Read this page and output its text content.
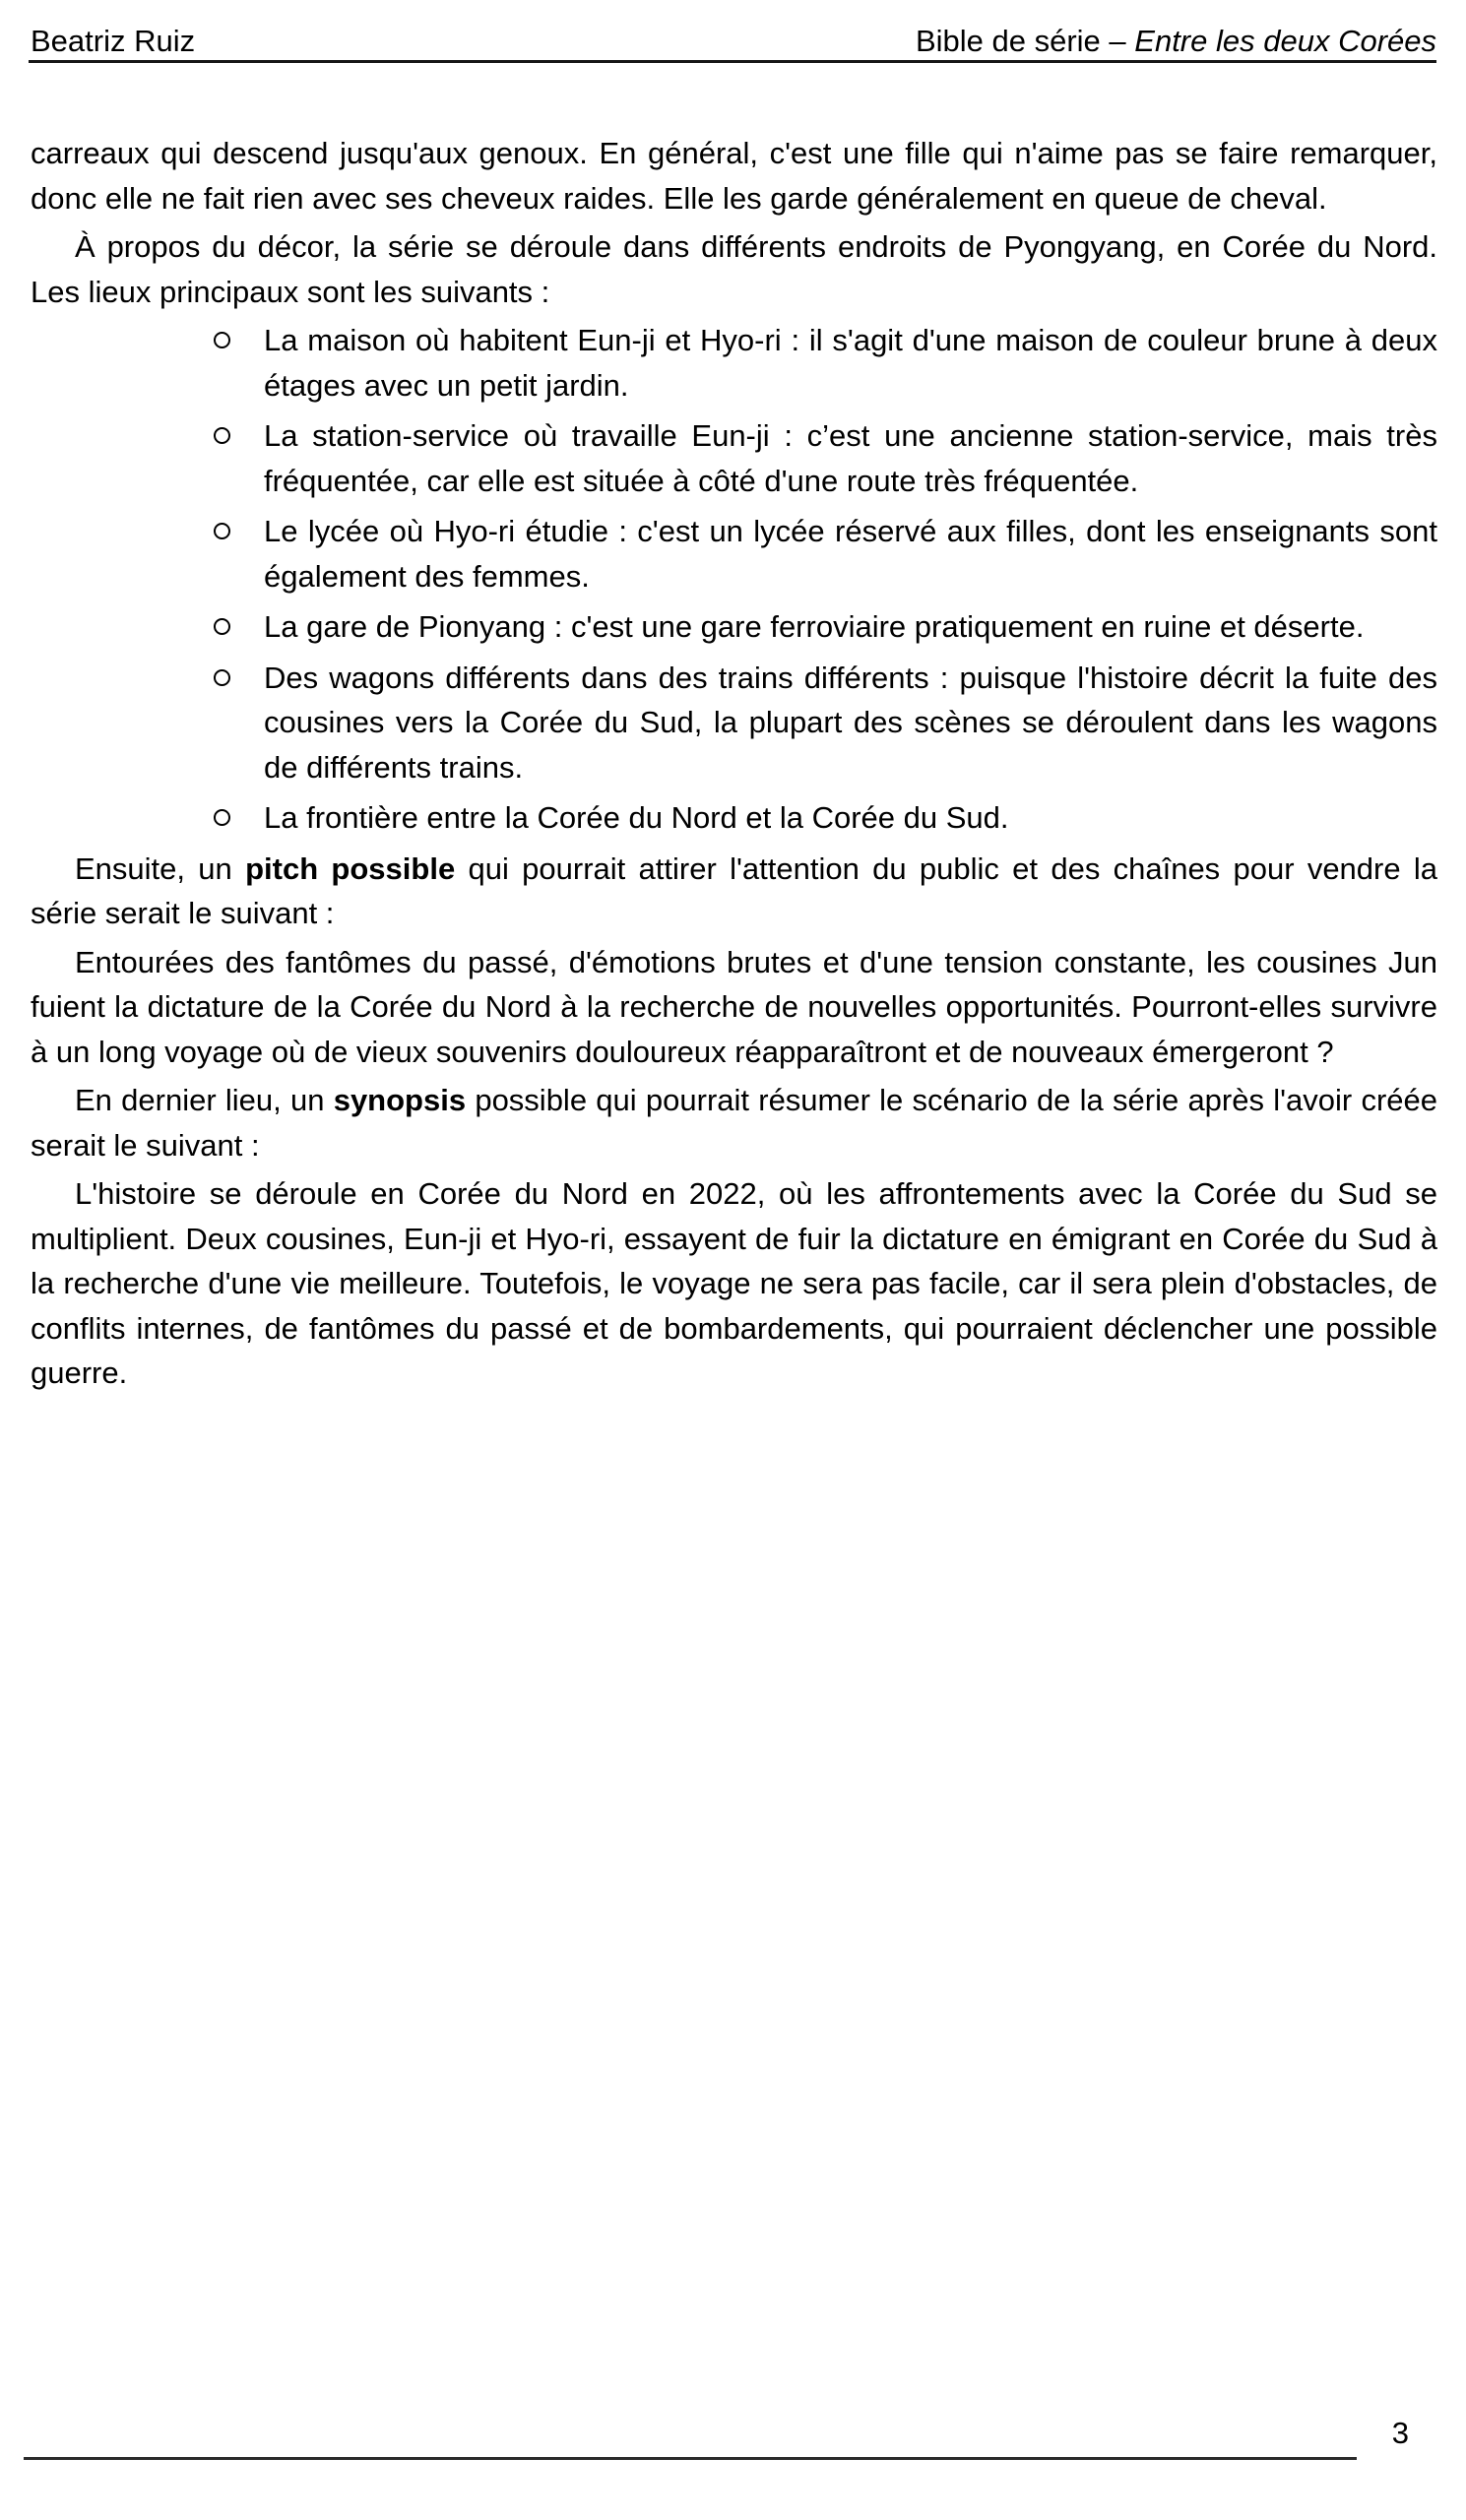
Beatriz Ruiz	Bible de série – Entre les deux Corées

carreaux qui descend jusqu'aux genoux. En général, c'est une fille qui n'aime pas se faire remarquer, donc elle ne fait rien avec ses cheveux raides. Elle les garde généralement en queue de cheval.

À propos du décor, la série se déroule dans différents endroits de Pyongyang, en Corée du Nord. Les lieux principaux sont les suivants :

La maison où habitent Eun-ji et Hyo-ri : il s'agit d'une maison de couleur brune à deux étages avec un petit jardin.
La station-service où travaille Eun-ji : c’est une ancienne station-service, mais très fréquentée, car elle est située à côté d'une route très fréquentée.
Le lycée où Hyo-ri étudie : c'est un lycée réservé aux filles, dont les enseignants sont également des femmes.
La gare de Pionyang : c'est une gare ferroviaire pratiquement en ruine et déserte.
Des wagons différents dans des trains différents : puisque l'histoire décrit la fuite des cousines vers la Corée du Sud, la plupart des scènes se déroulent dans les wagons de différents trains.
La frontière entre la Corée du Nord et la Corée du Sud.

Ensuite, un pitch possible qui pourrait attirer l'attention du public et des chaînes pour vendre la série serait le suivant :

Entourées des fantômes du passé, d'émotions brutes et d'une tension constante, les cousines Jun fuient la dictature de la Corée du Nord à la recherche de nouvelles opportunités. Pourront-elles survivre à un long voyage où de vieux souvenirs douloureux réapparaîtront et de nouveaux émergeront ?

En dernier lieu, un synopsis possible qui pourrait résumer le scénario de la série après l'avoir créée serait le suivant :

L'histoire se déroule en Corée du Nord en 2022, où les affrontements avec la Corée du Sud se multiplient. Deux cousines, Eun-ji et Hyo-ri, essayent de fuir la dictature en émigrant en Corée du Sud à la recherche d'une vie meilleure. Toutefois, le voyage ne sera pas facile, car il sera plein d'obstacles, de conflits internes, de fantômes du passé et de bombardements, qui pourraient déclencher une possible guerre.

3
